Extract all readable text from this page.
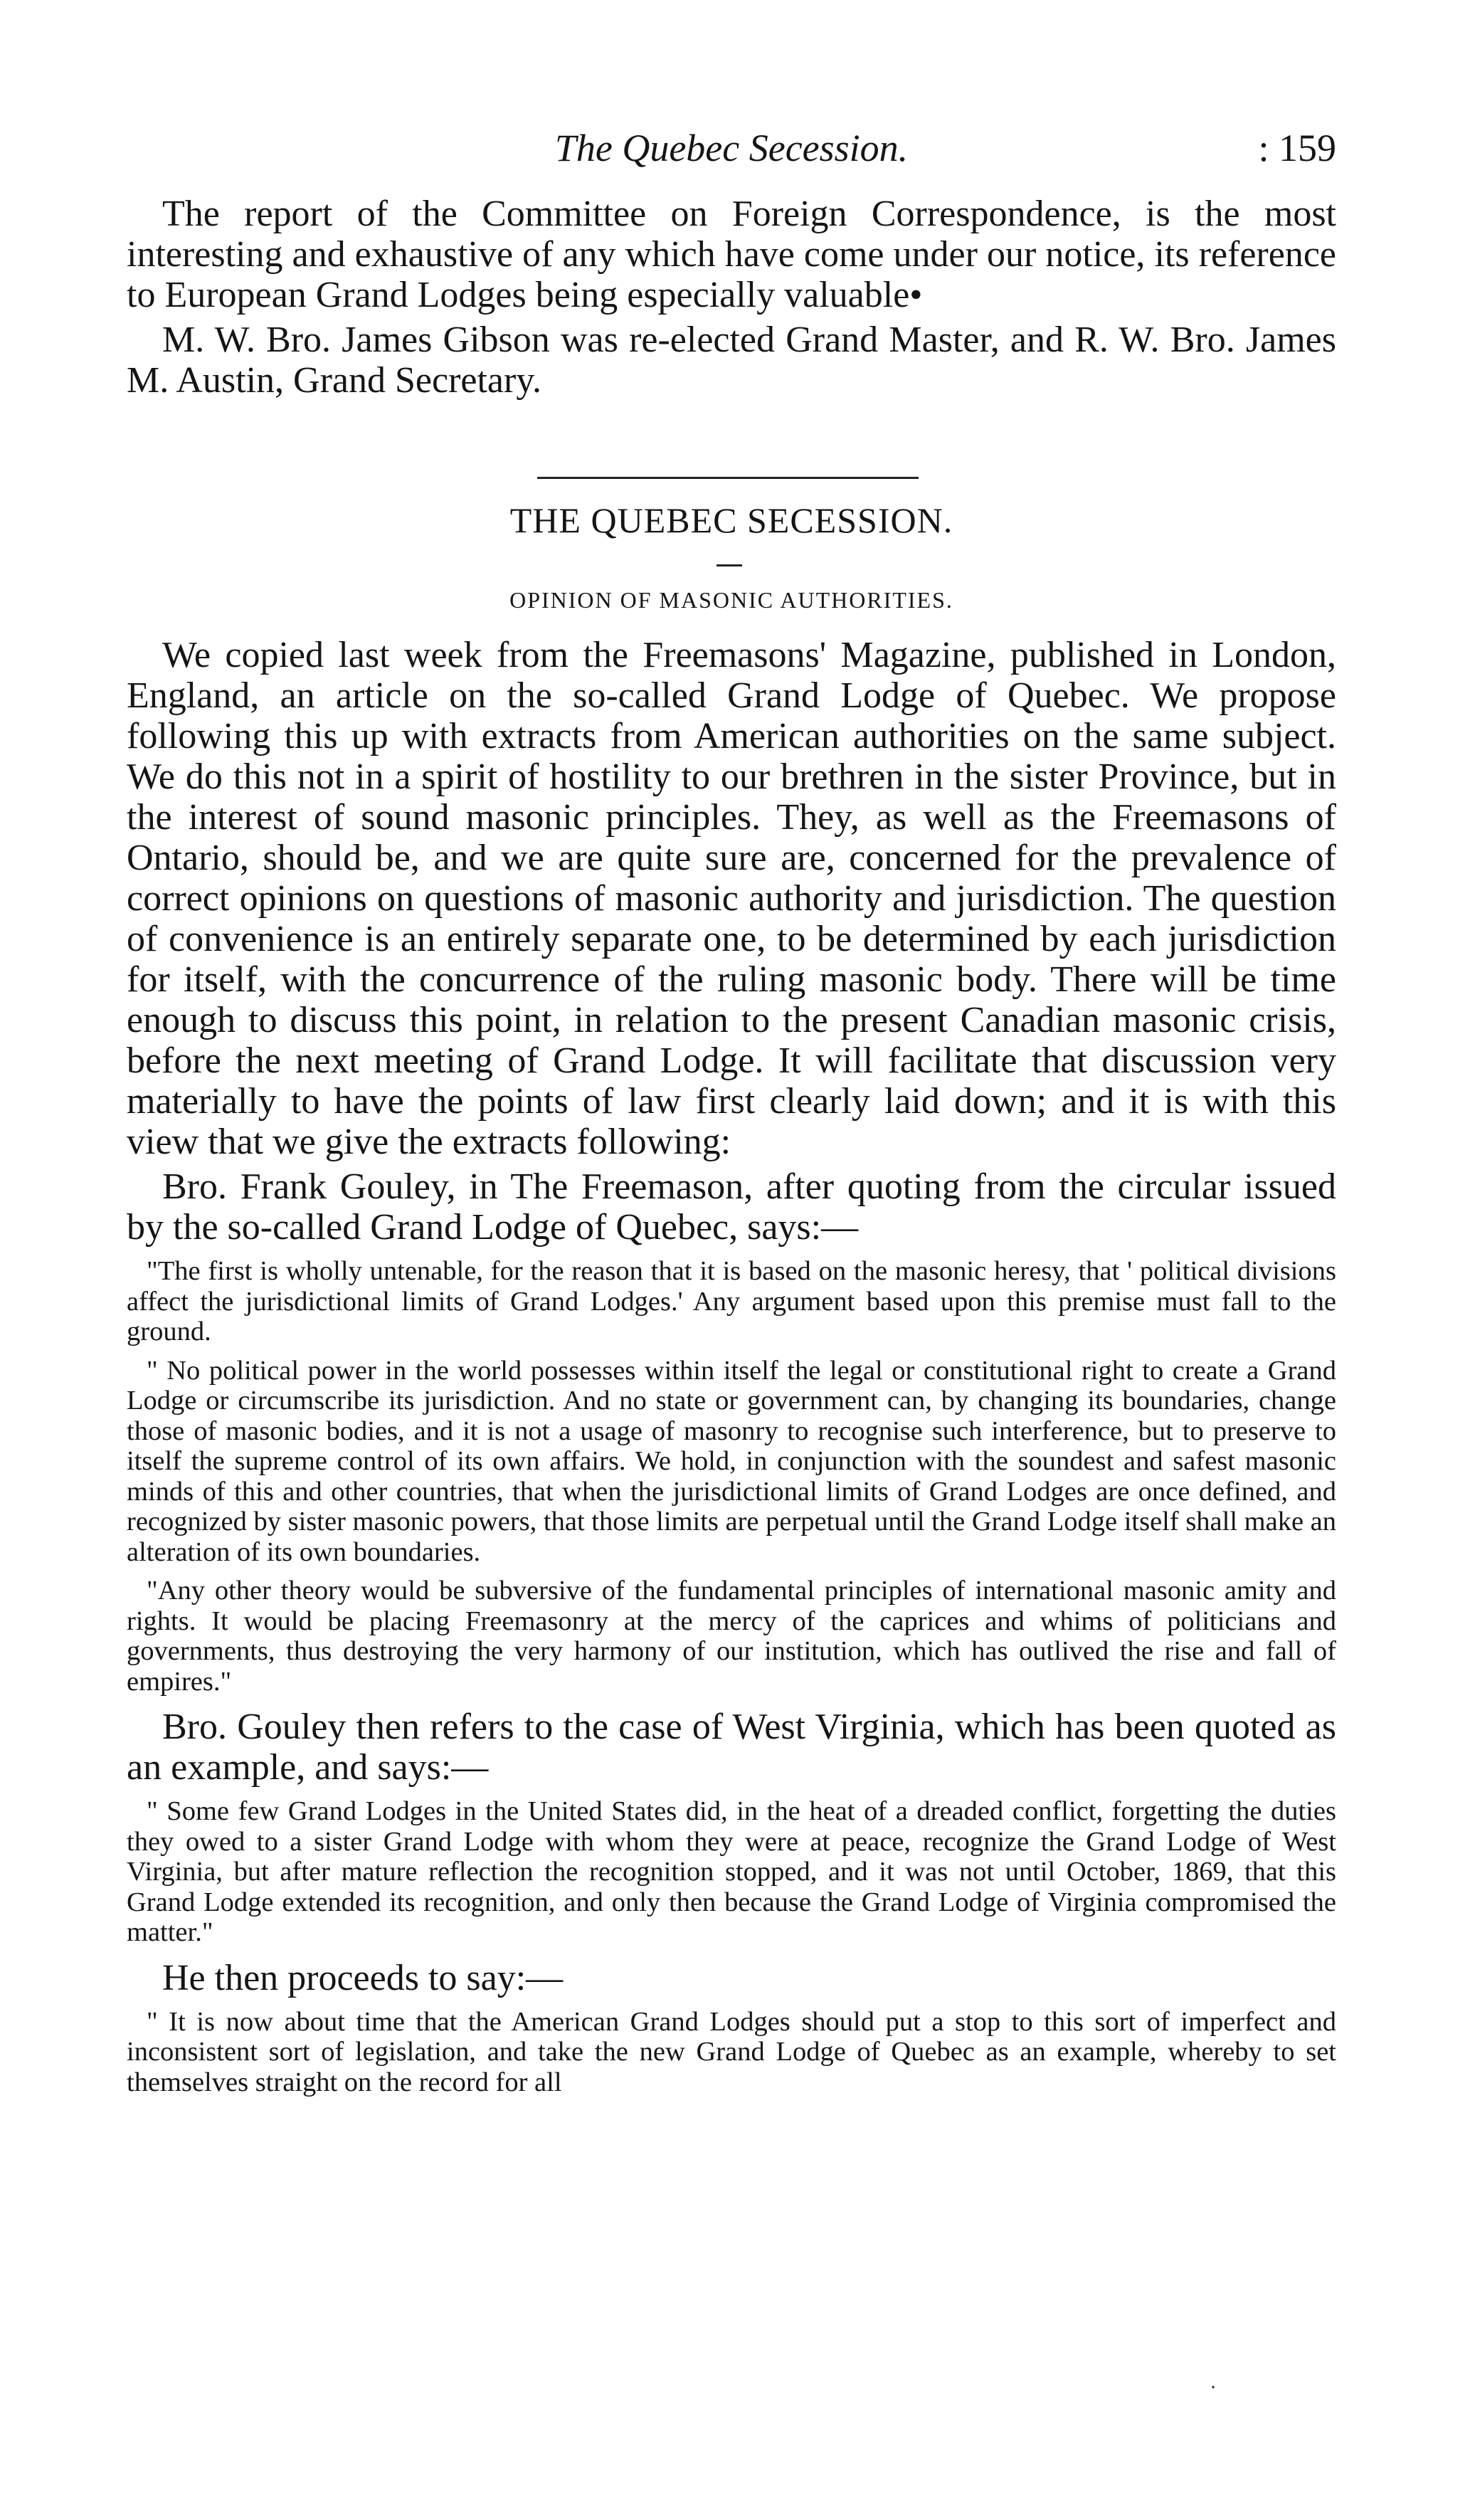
The Quebec Secession.	: 159

The report of the Committee on Foreign Correspondence, is the most interesting and exhaustive of any which have come under our notice, its reference to European Grand Lodges being especially valuable•

M. W. Bro. James Gibson was re-elected Grand Master, and R. W. Bro. James M. Austin, Grand Secretary.

THE QUEBEC SECESSION.
OPINION OF MASONIC AUTHORITIES.

We copied last week from the Freemasons' Magazine, published in London, England, an article on the so-called Grand Lodge of Quebec. We propose following this up with extracts from American authorities on the same subject. We do this not in a spirit of hostility to our brethren in the sister Province, but in the interest of sound masonic principles. They, as well as the Freemasons of Ontario, should be, and we are quite sure are, concerned for the prevalence of correct opinions on questions of masonic authority and jurisdiction. The question of convenience is an entirely separate one, to be determined by each jurisdiction for itself, with the concurrence of the ruling masonic body. There will be time enough to discuss this point, in relation to the present Canadian masonic crisis, before the next meeting of Grand Lodge. It will facilitate that discussion very materially to have the points of law first clearly laid down; and it is with this view that we give the extracts following:

Bro. Frank Gouley, in The Freemason, after quoting from the circular issued by the so-called Grand Lodge of Quebec, says:—

"The first is wholly untenable, for the reason that it is based on the masonic heresy, that ' political divisions affect the jurisdictional limits of Grand Lodges.' Any argument based upon this premise must fall to the ground.

" No political power in the world possesses within itself the legal or constitutional right to create a Grand Lodge or circumscribe its jurisdiction. And no state or government can, by changing its boundaries, change those of masonic bodies, and it is not a usage of masonry to recognise such interference, but to preserve to itself the supreme control of its own affairs. We hold, in conjunction with the soundest and safest masonic minds of this and other countries, that when the jurisdictional limits of Grand Lodges are once defined, and recognized by sister masonic powers, that those limits are perpetual until the Grand Lodge itself shall make an alteration of its own boundaries.

"Any other theory would be subversive of the fundamental principles of international masonic amity and rights. It would be placing Freemasonry at the mercy of the caprices and whims of politicians and governments, thus destroying the very harmony of our institution, which has outlived the rise and fall of empires."

Bro. Gouley then refers to the case of West Virginia, which has been quoted as an example, and says:—

" Some few Grand Lodges in the United States did, in the heat of a dreaded conflict, forgetting the duties they owed to a sister Grand Lodge with whom they were at peace, recognize the Grand Lodge of West Virginia, but after mature reflection the recognition stopped, and it was not until October, 1869, that this Grand Lodge extended its recognition, and only then because the Grand Lodge of Virginia compromised the matter."

He then proceeds to say:—

" It is now about time that the American Grand Lodges should put a stop to this sort of imperfect and inconsistent sort of legislation, and take the new Grand Lodge of Quebec as an example, whereby to set themselves straight on the record for all

·
